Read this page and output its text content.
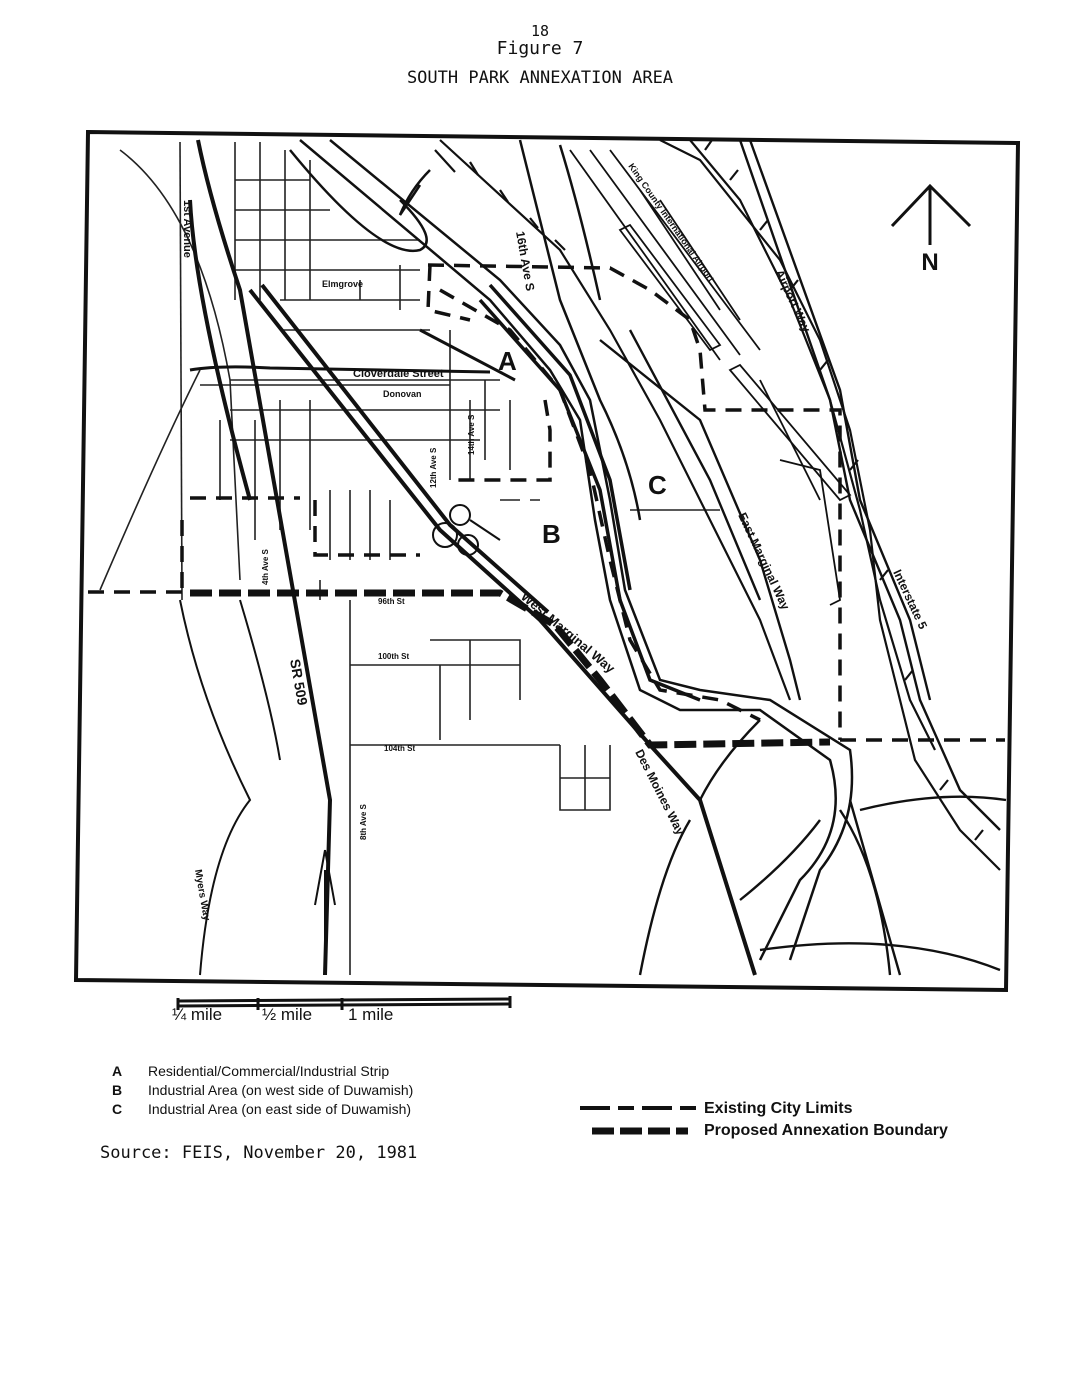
18
Figure 7
SOUTH PARK ANNEXATION AREA
N
1st Avenue
Elmgrove
Cloverdale Street
Donovan
16th Ave S
14th Ave S
12th Ave S
4th Ave S
8th Ave S
96th St
100th St
104th St
West Marginal Way
East Marginal Way
Des Moines Way
Airport Way
King County International Airport
Interstate 5
SR 509
Myers Way
A
B
C
¼ mile ½ mile 1 mile
A Residential/Commercial/Industrial Strip
B Industrial Area (on west side of Duwamish)
C Industrial Area (on east side of Duwamish)	Existing City Limits
Proposed Annexation Boundary
Source: FEIS, November 20, 1981
